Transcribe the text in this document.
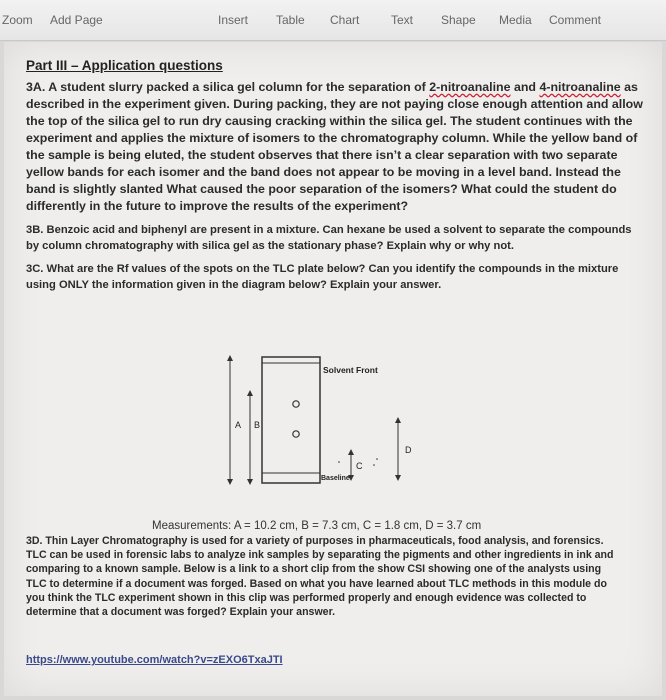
Zoom Add Page	Insert Table Chart	Text Shape Media Comment
Part III – Application questions

3A. A student slurry packed a silica gel column for the separation of 2-nitroanaline and 4-nitroanaline as described in the experiment given. During packing, they are not paying close enough attention and allow the top of the silica gel to run dry causing cracking within the silica gel. The student continues with the experiment and applies the mixture of isomers to the chromatography column. While the yellow band of the sample is being eluted, the student observes that there isn’t a clear separation with two separate yellow bands for each isomer and the band does not appear to be moving in a level band. Instead the band is slightly slanted What caused the poor separation of the isomers? What could the student do differently in the future to improve the results of the experiment?

3B. Benzoic acid and biphenyl are present in a mixture. Can hexane be used a solvent to separate the compounds by column chromatography with silica gel as the stationary phase? Explain why or why not.

3C. What are the Rf values of the spots on the TLC plate below? Can you identify the compounds in the mixture using ONLY the information given in the diagram below? Explain your answer.

Solvent Front
Baseline
A B
C
D
Measurements: A = 10.2 cm, B = 7.3 cm, C = 1.8 cm, D = 3.7 cm

3D. Thin Layer Chromatography is used for a variety of purposes in pharmaceuticals, food analysis, and forensics. TLC can be used in forensic labs to analyze ink samples by separating the pigments and other ingredients in ink and comparing to a known sample. Below is a link to a short clip from the show CSI showing one of the analysts using TLC to determine if a document was forged. Based on what you have learned about TLC methods in this module do you think the TLC experiment shown in this clip was performed properly and enough evidence was collected to determine that a document was forged? Explain your answer.

https://www.youtube.com/watch?v=zEXO6TxaJTI
